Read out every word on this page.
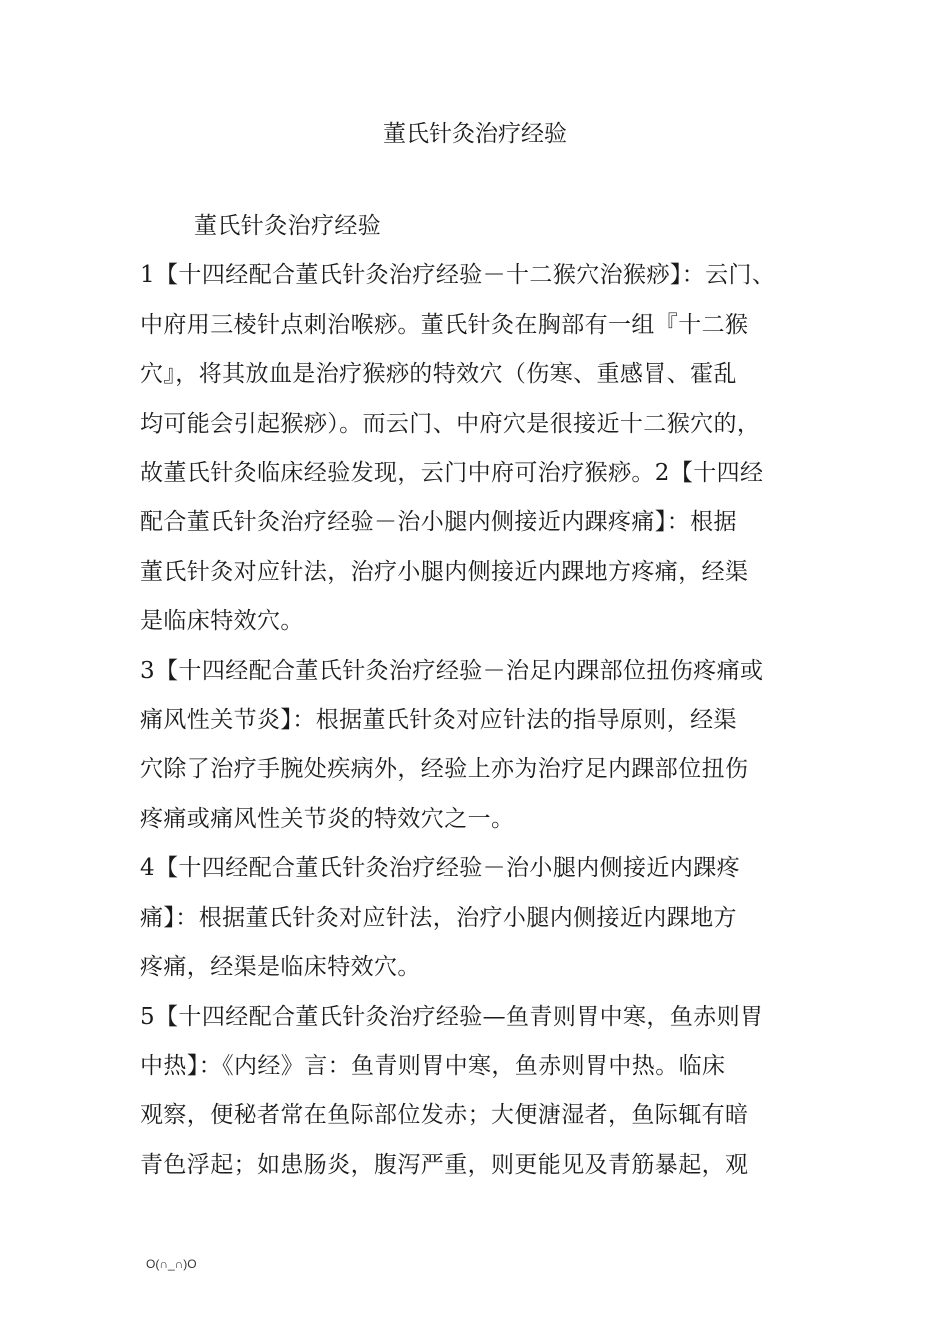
董氏针灸治疗经验
董氏针灸治疗经验
1【十四经配合董氏针灸治疗经验－十二猴穴治猴痧】：云门、
中府用三棱针点刺治喉痧。董氏针灸在胸部有一组『十二猴
穴』，将其放血是治疗猴痧的特效穴（伤寒、重感冒、霍乱
均可能会引起猴痧）。而云门、中府穴是很接近十二猴穴的，
故董氏针灸临床经验发现，云门中府可治疗猴痧。2【十四经
配合董氏针灸治疗经验－治小腿内侧接近内踝疼痛】：根据
董氏针灸对应针法，治疗小腿内侧接近内踝地方疼痛，经渠
是临床特效穴。
3【十四经配合董氏针灸治疗经验－治足内踝部位扭伤疼痛或
痛风性关节炎】：根据董氏针灸对应针法的指导原则，经渠
穴除了治疗手腕处疾病外，经验上亦为治疗足内踝部位扭伤
疼痛或痛风性关节炎的特效穴之一。
4【十四经配合董氏针灸治疗经验－治小腿内侧接近内踝疼
痛】：根据董氏针灸对应针法，治疗小腿内侧接近内踝地方
疼痛，经渠是临床特效穴。
5【十四经配合董氏针灸治疗经验—鱼青则胃中寒，鱼赤则胃
中热】：《内经》言：鱼青则胃中寒，鱼赤则胃中热。临床
观察，便秘者常在鱼际部位发赤；大便溏湿者，鱼际辄有暗
青色浮起；如患肠炎，腹泻严重，则更能见及青筋暴起，观
O(∩_∩)O
